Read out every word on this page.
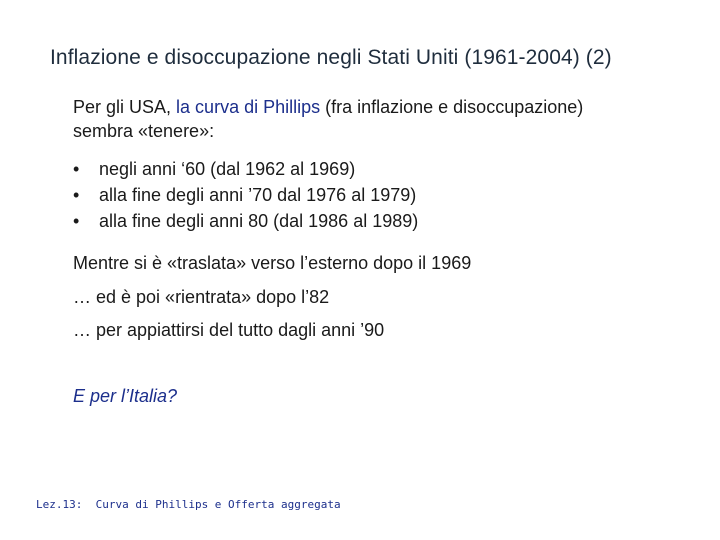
Inflazione e disoccupazione negli Stati Uniti (1961-2004) (2)
Per gli USA, la curva di Phillips (fra inflazione e disoccupazione) sembra «tenere»:
• negli anni ‘60 (dal 1962 al 1969)
• alla fine degli anni ’70 dal 1976 al 1979)
• alla fine degli anni 80 (dal 1986 al 1989)
Mentre si è «traslata» verso l’esterno dopo il 1969
… ed è poi «rientrata» dopo l’82
… per appiattirsi del tutto dagli anni ’90
E per l’Italia?
Lez.13:  Curva di Phillips e Offerta aggregata
